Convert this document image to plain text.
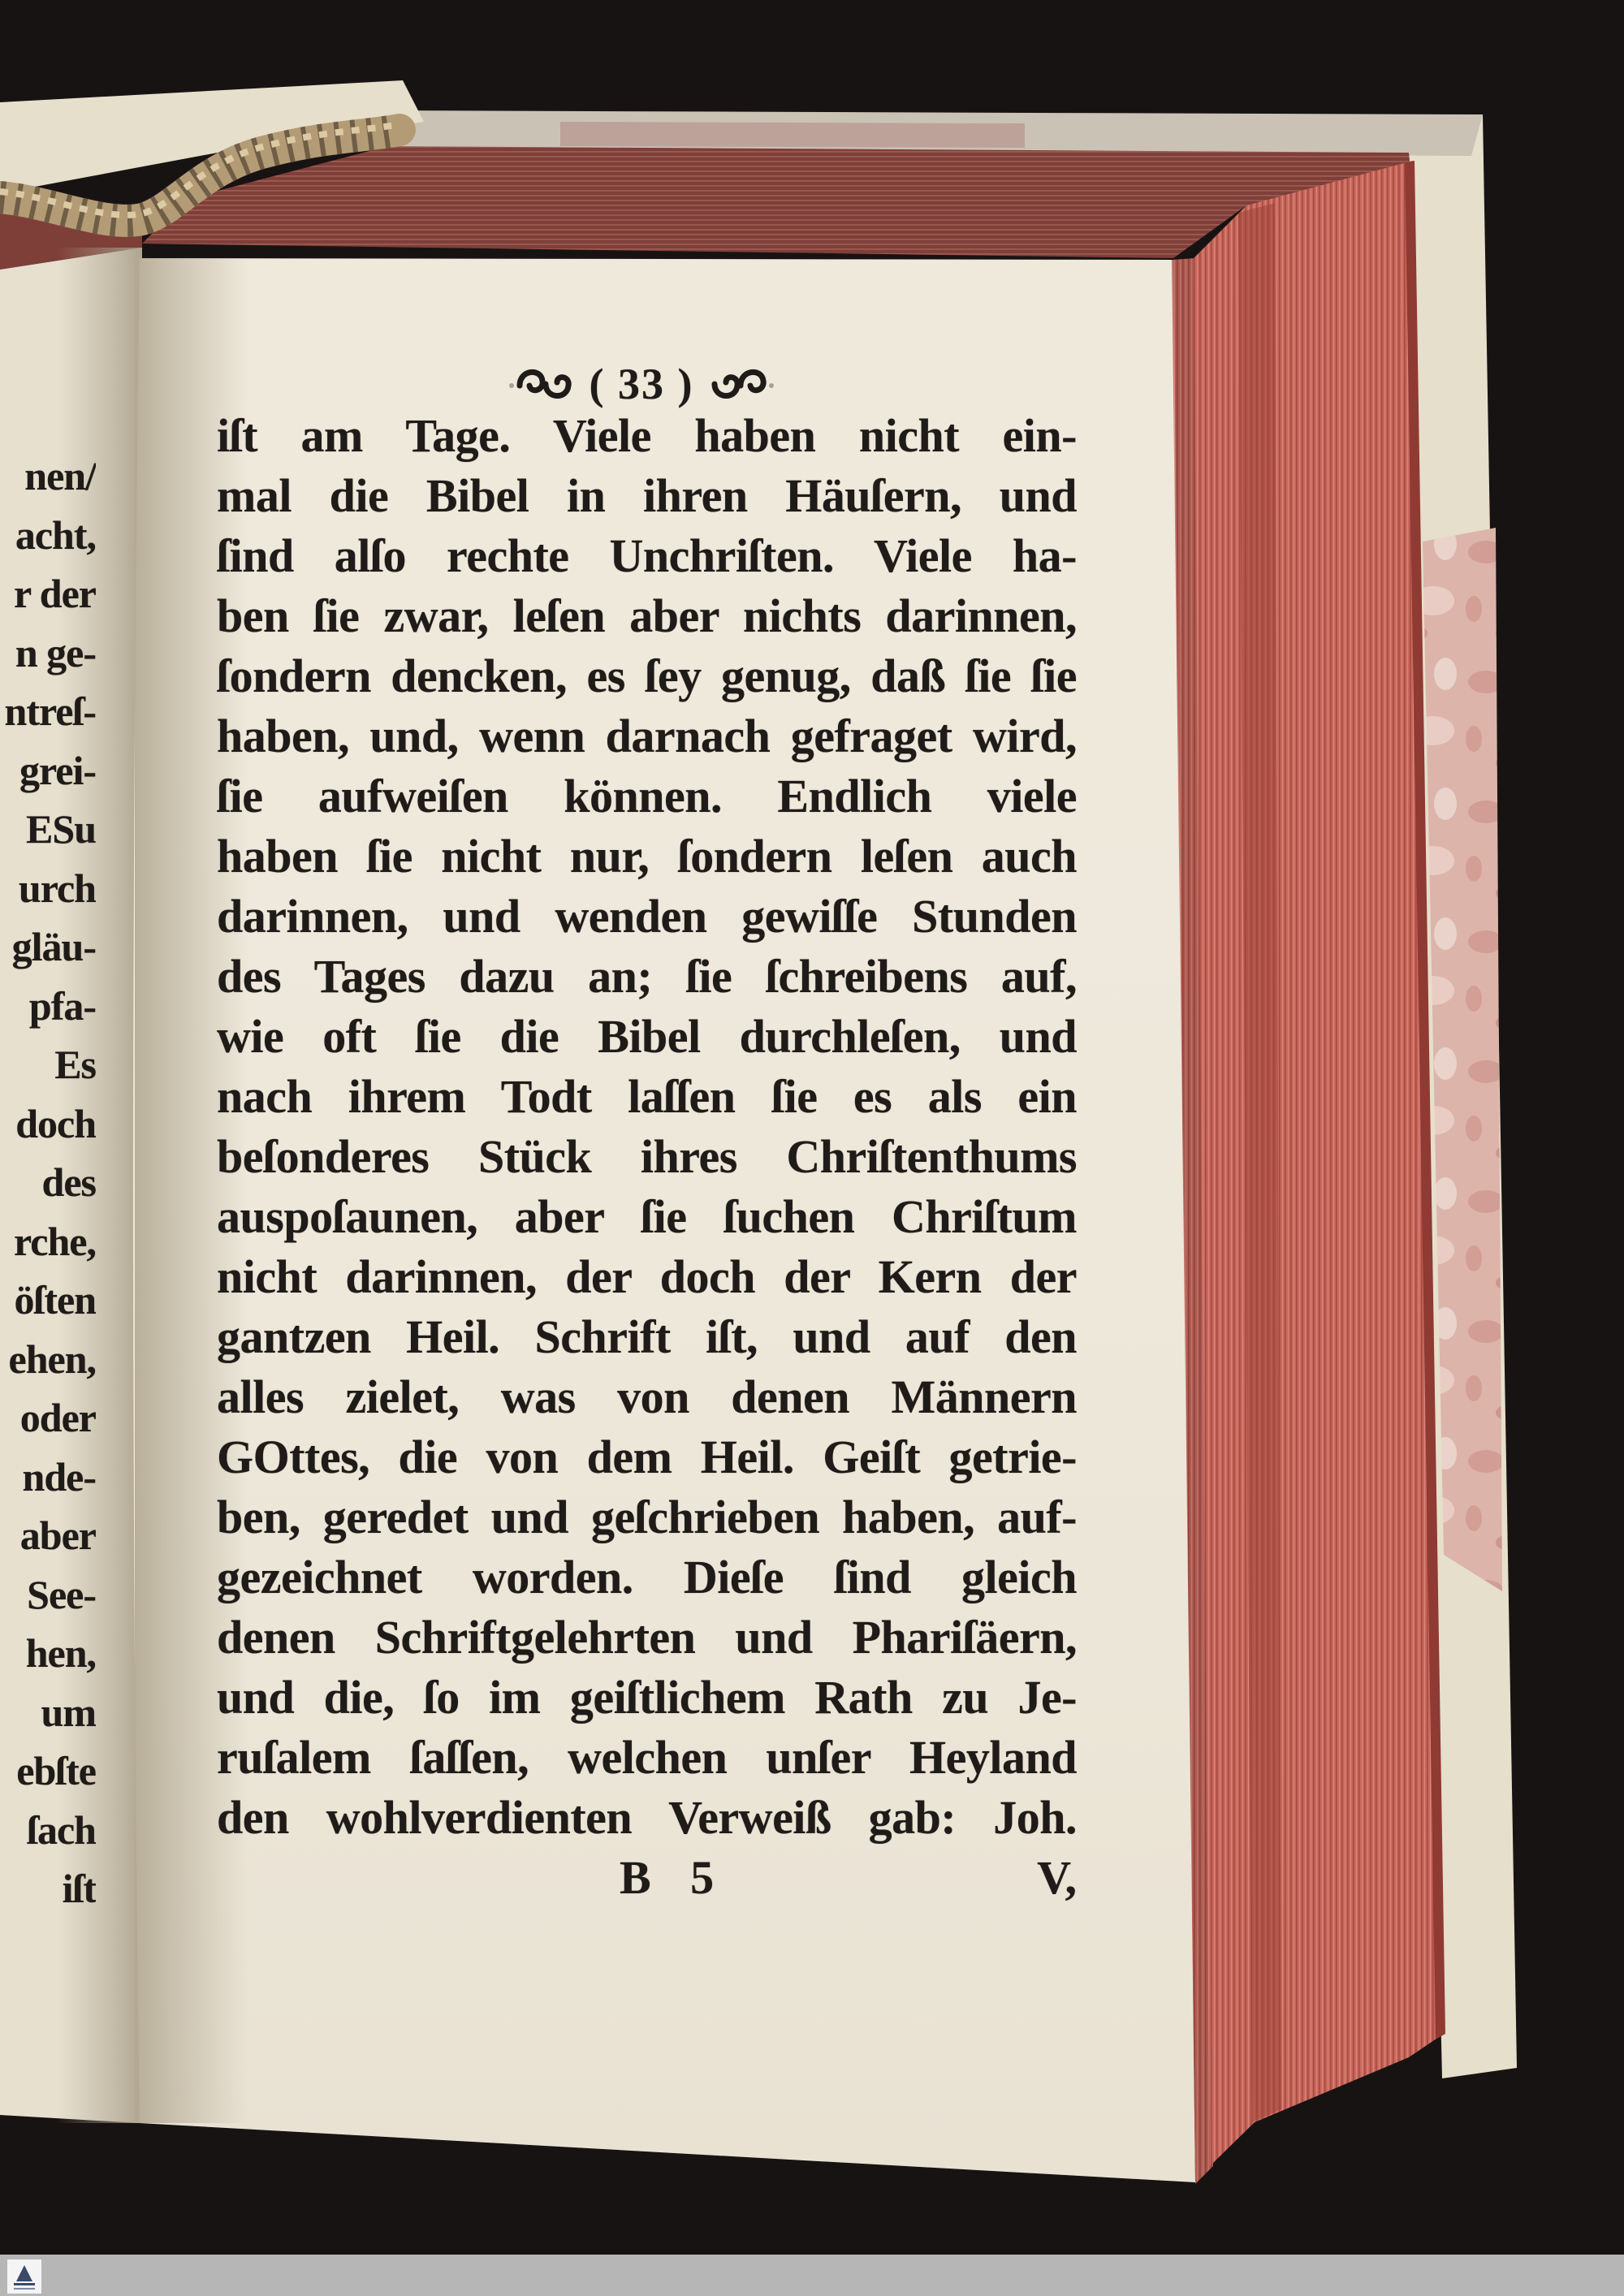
( 33 )
iſt am Tage. Viele haben nicht ein-
mal die Bibel in ihren Häuſern, und
ſind alſo rechte Unchriſten. Viele ha-
ben ſie zwar, leſen aber nichts darinnen,
ſondern dencken, es ſey genug, daß ſie ſie
haben, und, wenn darnach gefraget wird,
ſie aufweiſen können. Endlich viele
haben ſie nicht nur, ſondern leſen auch
darinnen, und wenden gewiſſe Stunden
des Tages dazu an; ſie ſchreibens auf,
wie oft ſie die Bibel durchleſen, und
nach ihrem Todt laſſen ſie es als ein
beſonderes Stück ihres Chriſtenthums
auspoſaunen, aber ſie ſuchen Chriſtum
nicht darinnen, der doch der Kern der
gantzen Heil. Schrift iſt, und auf den
alles zielet, was von denen Männern
GOttes, die von dem Heil. Geiſt getrie-
ben, geredet und geſchrieben haben, auf-
gezeichnet worden. Dieſe ſind gleich
denen Schriftgelehrten und Phariſäern,
und die, ſo im geiſtlichem Rath zu Je-
ruſalem ſaſſen, welchen unſer Heyland
den wohlverdienten Verweiß gab: Joh.
B 5	V,
nen/
acht,
r der
n ge-
ntreſ-
grei-
ESu
urch
gläu-
pfa-
Es
doch
des
rche,
öſten
ehen,
oder
nde-
aber
See-
hen,
um
ebſte
ſach
iſt
